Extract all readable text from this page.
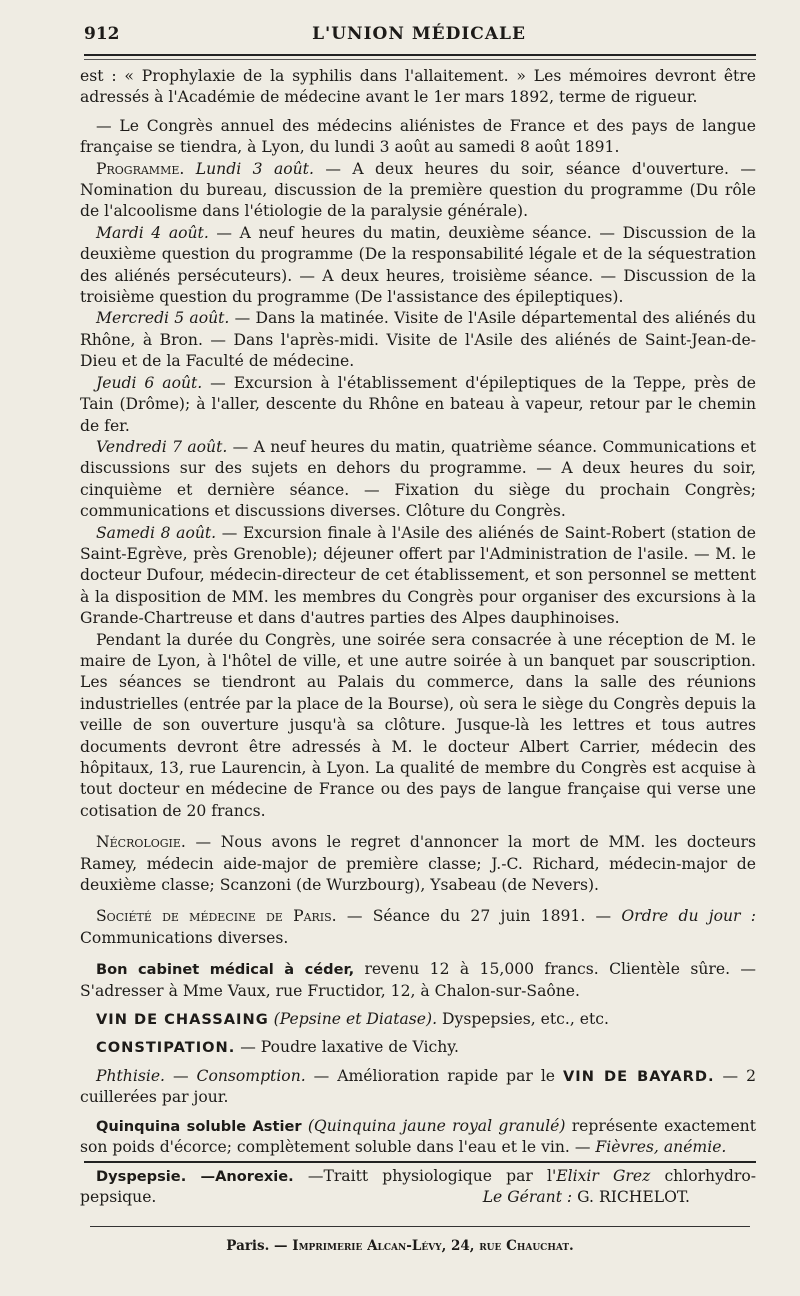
912	L'UNION MÉDICALE

est : « Prophylaxie de la syphilis dans l'allaitement. » Les mémoires devront être adressés à l'Académie de médecine avant le 1er mars 1892, terme de rigueur.

— Le Congrès annuel des médecins aliénistes de France et des pays de langue française se tiendra, à Lyon, du lundi 3 août au samedi 8 août 1891.

Programme. Lundi 3 août. — A deux heures du soir, séance d'ouverture. — Nomination du bureau, discussion de la première question du programme (Du rôle de l'alcoolisme dans l'étiologie de la paralysie générale).

Mardi 4 août. — A neuf heures du matin, deuxième séance. — Discussion de la deuxième question du programme (De la responsabilité légale et de la séquestration des aliénés persécuteurs). — A deux heures, troisième séance. — Discussion de la troisième question du programme (De l'assistance des épileptiques).

Mercredi 5 août. — Dans la matinée. Visite de l'Asile départemental des aliénés du Rhône, à Bron. — Dans l'après-midi. Visite de l'Asile des aliénés de Saint-Jean-de-Dieu et de la Faculté de médecine.

Jeudi 6 août. — Excursion à l'établissement d'épileptiques de la Teppe, près de Tain (Drôme); à l'aller, descente du Rhône en bateau à vapeur, retour par le chemin de fer.

Vendredi 7 août. — A neuf heures du matin, quatrième séance. Communications et discussions sur des sujets en dehors du programme. — A deux heures du soir, cinquième et dernière séance. — Fixation du siège du prochain Congrès; communications et discussions diverses. Clôture du Congrès.

Samedi 8 août. — Excursion finale à l'Asile des aliénés de Saint-Robert (station de Saint-Egrève, près Grenoble); déjeuner offert par l'Administration de l'asile. — M. le docteur Dufour, médecin-directeur de cet établissement, et son personnel se mettent à la disposition de MM. les membres du Congrès pour organiser des excursions à la Grande-Chartreuse et dans d'autres parties des Alpes dauphinoises.

Pendant la durée du Congrès, une soirée sera consacrée à une réception de M. le maire de Lyon, à l'hôtel de ville, et une autre soirée à un banquet par souscription. Les séances se tiendront au Palais du commerce, dans la salle des réunions industrielles (entrée par la place de la Bourse), où sera le siège du Congrès depuis la veille de son ouverture jusqu'à sa clôture. Jusque-là les lettres et tous autres documents devront être adressés à M. le docteur Albert Carrier, médecin des hôpitaux, 13, rue Laurencin, à Lyon. La qualité de membre du Congrès est acquise à tout docteur en médecine de France ou des pays de langue française qui verse une cotisation de 20 francs.

Nécrologie. — Nous avons le regret d'annoncer la mort de MM. les docteurs Ramey, médecin aide-major de première classe; J.-C. Richard, médecin-major de deuxième classe; Scanzoni (de Wurzbourg), Ysabeau (de Nevers).

Société de médecine de Paris. — Séance du 27 juin 1891. — Ordre du jour : Communications diverses.

Bon cabinet médical à céder, revenu 12 à 15,000 francs. Clientèle sûre. — S'adresser à Mme Vaux, rue Fructidor, 12, à Chalon-sur-Saône.

VIN DE CHASSAING (Pepsine et Diatase). Dyspepsies, etc., etc.

CONSTIPATION. — Poudre laxative de Vichy.

Phthisie. — Consomption. — Amélioration rapide par le VIN DE BAYARD. — 2 cuillerées par jour.

Quinquina soluble Astier (Quinquina jaune royal granulé) représente exactement son poids d'écorce; complètement soluble dans l'eau et le vin. — Fièvres, anémie.

Dyspepsie. —Anorexie. —Traitt physiologique par l'Elixir Grez chlorhydro-pepsique.	Le Gérant : G. RICHELOT.
Paris. — Imprimerie Alcan-Lévy, 24, rue Chauchat.
